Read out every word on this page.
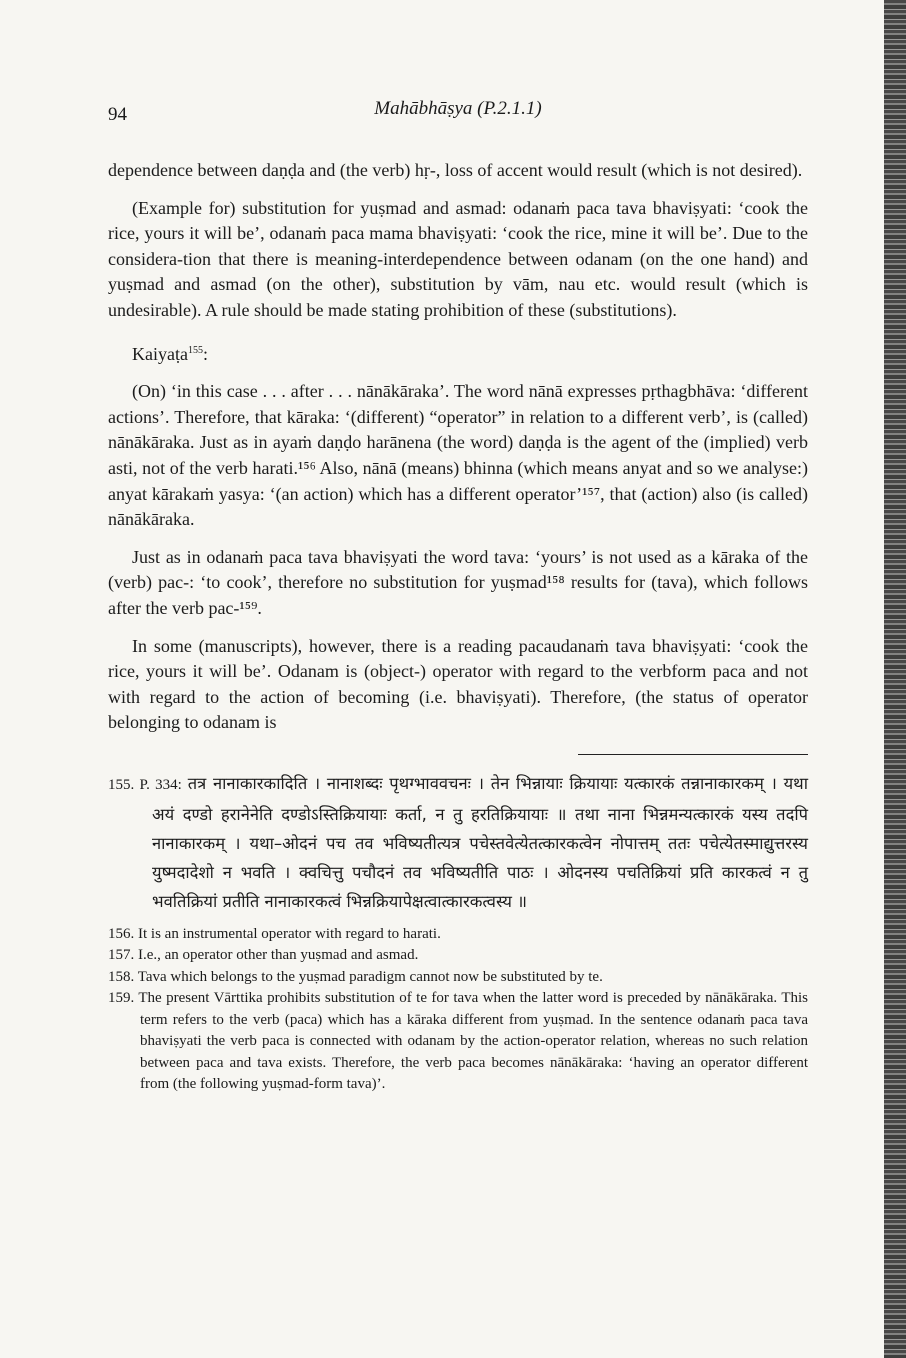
94	Mahābhāṣya (P.2.1.1)

dependence between daṇḍa and (the verb) hṛ-, loss of accent would result (which is not desired).

(Example for) substitution for yuṣmad and asmad: odanaṁ paca tava bhaviṣyati: ‘cook the rice, yours it will be’, odanaṁ paca mama bhaviṣyati: ‘cook the rice, mine it will be’. Due to the considera-tion that there is meaning-interdependence between odanam (on the one hand) and yuṣmad and asmad (on the other), substitution by vām, nau etc. would result (which is undesirable). A rule should be made stating prohibition of these (substitutions).

Kaiyaṭa$^{155}$:

(On) ‘in this case . . . after . . . nānākāraka’. The word nānā expresses pṛthagbhāva: ‘different actions’. Therefore, that kāraka: ‘(different) “operator” in relation to a different verb’, is (called) nānākāraka. Just as in ayaṁ daṇḍo harānena (the word) daṇḍa is the agent of the (implied) verb asti, not of the verb harati.¹⁵⁶ Also, nānā (means) bhinna (which means anyat and so we analyse:) anyat kārakaṁ yasya: ‘(an action) which has a different operator’¹⁵⁷, that (action) also (is called) nānākāraka.

Just as in odanaṁ paca tava bhaviṣyati the word tava: ‘yours’ is not used as a kāraka of the (verb) pac-: ‘to cook’, therefore no substitution for yuṣmad¹⁵⁸ results for (tava), which follows after the verb pac-¹⁵⁹.

In some (manuscripts), however, there is a reading pacaudanaṁ tava bhaviṣyati: ‘cook the rice, yours it will be’. Odanam is (object-) operator with regard to the verbform paca and not with regard to the action of becoming (i.e. bhaviṣyati). Therefore, (the status of operator belonging to odanam is

155. P. 334: तत्र नानाकारकादिति । नानाशब्दः पृथग्भाववचनः । तेन भिन्नायाः क्रियायाः यत्कारकं तन्नानाकारकम् । यथा अयं दण्डो हरानेनेति दण्डोऽस्तिक्रियायाः कर्ता, न तु हरतिक्रियायाः ॥ तथा नाना भिन्नमन्यत्कारकं यस्य तदपि नानाकारकम् । यथा–ओदनं पच तव भविष्यतीत्यत्र पचेस्तवेत्येतत्कारकत्वेन नोपात्तम् ततः पचेत्येतस्माद्युत्तरस्य युष्मदादेशो न भवति । क्वचित्तु पचौदनं तव भविष्यतीति पाठः । ओदनस्य पचतिक्रियां प्रति कारकत्वं न तु भवतिक्रियां प्रतीति नानाकारकत्वं भिन्नक्रियापेक्षत्वात्कारकत्वस्य ॥

156. It is an instrumental operator with regard to harati.

157. I.e., an operator other than yuṣmad and asmad.

158. Tava which belongs to the yuṣmad paradigm cannot now be substituted by te.

159. The present Vārttika prohibits substitution of te for tava when the latter word is preceded by nānākāraka. This term refers to the verb (paca) which has a kāraka different from yuṣmad. In the sentence odanaṁ paca tava bhaviṣyati the verb paca is connected with odanam by the action-operator relation, whereas no such relation between paca and tava exists. Therefore, the verb paca becomes nānākāraka: ‘having an operator different from (the following yuṣmad-form tava)’.
